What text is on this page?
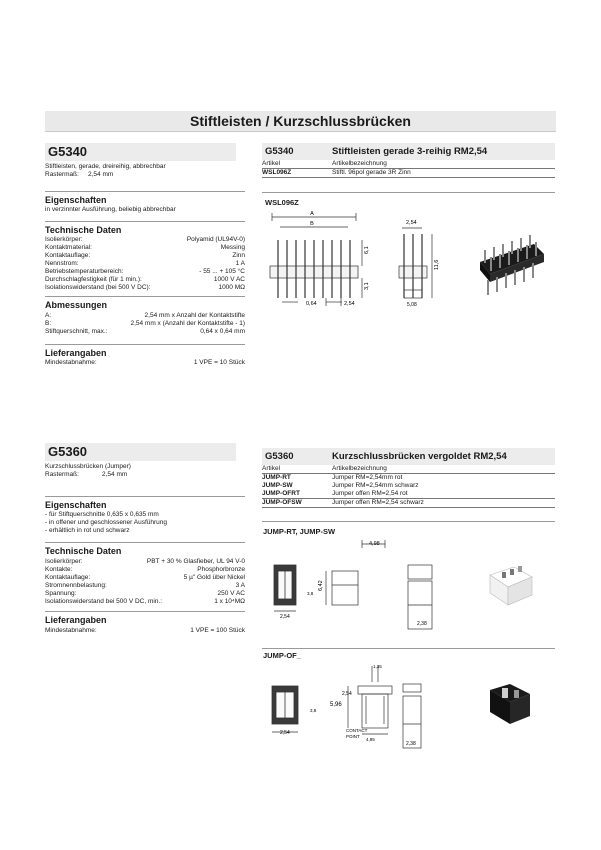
Stiftleisten / Kurzschlussbrücken
G5340
Stiftleisten, gerade, dreireihig, abbrechbar
Rastermaß: 2,54 mm
Eigenschaften
in verzinnter Ausführung, beliebig abbrechbar
Technische Daten
Isolierkörper:	Polyamid (UL94V-0)
Kontaktmaterial:	Messing
Kontaktauflage:	Zinn
Nennstrom:	1 A
Betriebstemperaturbereich:	- 55 ... + 105 °C
Durchschlagfestigkeit (für 1 min.):	1000 V AC
Isolationswiderstand (bei 500 V DC):	1000 MΩ
Abmessungen
A:	2,54 mm x Anzahl der Kontaktstifte
B:	2,54 mm x (Anzahl der Kontaktstifte - 1)
Stiftquerschnitt, max.:	0,64 x 0,64 mm
Lieferangaben
Mindestabnahme:	1 VPE = 10 Stück
G5340	Stiftleisten gerade 3-reihig RM2,54
Artikel	Artikelbezeichnung
WSL096Z	Stiftl. 96pol gerade 3R Zinn
WSL096Z
A
B
0,64	2,54
2,54
6,1
3,1
11,6
5,08
G5360
Kurzschlussbrücken (Jumper)
Rastermaß:	2,54 mm
Eigenschaften
- für Stiftquerschnitte 0,635 x 0,635 mm
- in offener und geschlossener Ausführung
- erhältlich in rot und schwarz
Technische Daten
Isolierkörper:	PBT + 30 % Glasfieber, UL 94 V-0
Kontakte:	Phosphorbronze
Kontaktauflage:	5 µ" Gold über Nickel
Stromnennbelastung:	3 A
Spannung:	250 V AC
Isolationswiderstand bei 500 V DC, min.:	1 x 10⁴MΩ
Lieferangaben
Mindestabnahme:	1 VPE = 100 Stück
G5360	Kurzschlussbrücken vergoldet RM2,54
Artikel	Artikelbezeichnung
JUMP-RT	Jumper RM=2,54mm rot
JUMP-SW	Jumper RM=2,54mm schwarz
JUMP-OFRT	Jumper offen RM=2,54 rot
JUMP-OFSW	Jumper offen RM=2,54 schwarz
JUMP-RT, JUMP-SW
4,98
6,42
2,54
2,38
3,8
JUMP-OF_
1,35
2,54
5,96
3,8
2,54	CONTACT
POINT
4,95
2,38
